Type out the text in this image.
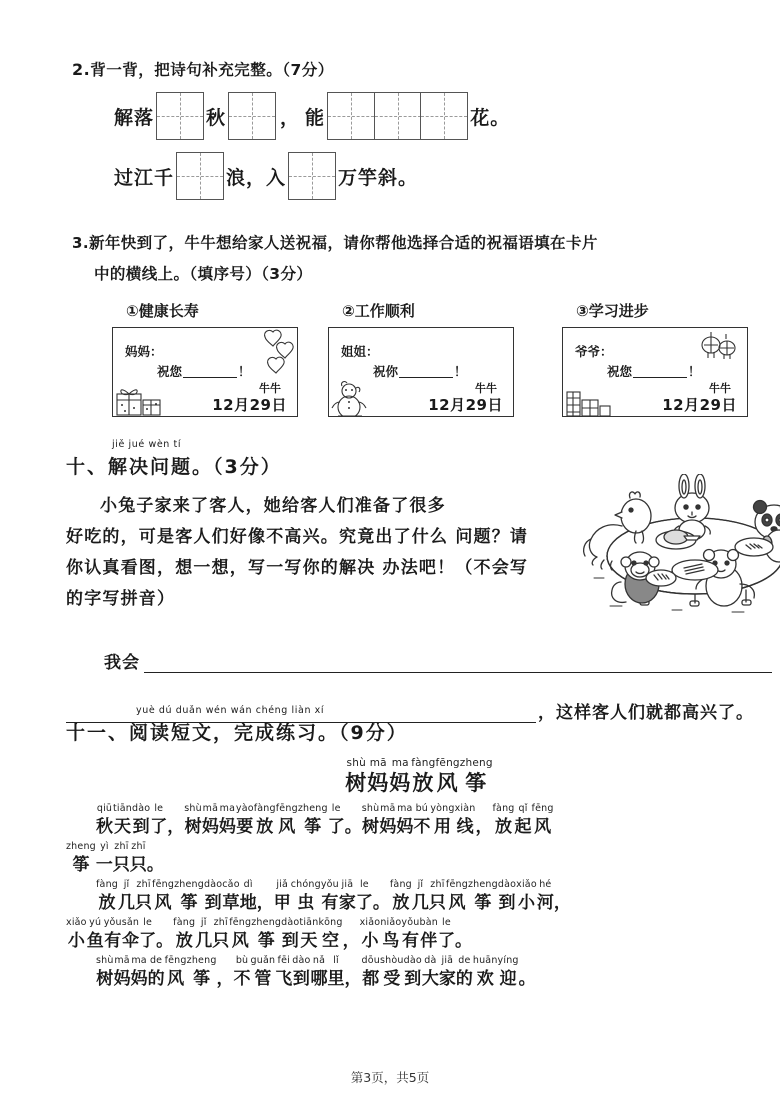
2.背一背，把诗句补充完整。（7分）
解落	秋	， 能	花。
过江千	浪，入	万竽斜。
3.新年快到了，牛牛想给家人送祝福，请你帮他选择合适的祝福语填在卡片
中的横线上。（填序号）（3分）
①健康长寿
妈妈：
祝您	！
牛牛
12月29日
②工作顺利
姐姐：
祝你	！
牛牛
12月29日
③学习进步
爷爷：
祝您	！
牛牛
12月29日
jiě jué wèn tí
十、解决问题。（3分）
小兔子家来了客人，她给客人们准备了很多
好吃的，可是客人们好像不高兴。究竟出了什么 问题？请你认真看图，想一想，写一写你的解决 办法吧！（不会写的字写拼音）
我会
，这样客人们就都高兴了。
yuè dú duǎn wén wán chéng liàn xí
十一、阅读短文，完成练习。（9分）
shù
树
mā
妈
ma
妈
fàng
放
fēng
风
zheng
筝
qiū
秋
tiān
天
dào
到
le
了
，
shù
树
mā
妈
ma
妈
yào
要
fàng
放
fēng
风
zheng
筝
le
了
。
shù
树
mā
妈
ma
妈
bú
不
yòng
用
xiàn
线
，
fàng
放
qǐ
起
fēng
风
zheng
筝
yì
一
zhī
只
zhī
只
。
fàng
放
jǐ
几
zhī
只
fēng
风
zheng
筝
dào
到
cǎo
草
dì
地
，
jiǎ
甲
chóng
虫
yǒu
有
jiā
家
le
了
。
fàng
放
jǐ
几
zhī
只
fēng
风
zheng
筝
dào
到
xiǎo
小
hé
河
，
xiǎo
小
yú
鱼
yǒu
有
sǎn
伞
le
了
。
fàng
放
jǐ
几
zhī
只
fēng
风
zheng
筝
dào
到
tiān
天
kōng
空
，
xiǎo
小
niǎo
鸟
yǒu
有
bàn
伴
le
了
。
shù
树
mā
妈
ma
妈
de
的
fēng
风
zheng
筝
，
bù
不
guǎn
管
fēi
飞
dào
到
nǎ
哪
lǐ
里
，
dōu
都
shòu
受
dào
到
dà
大
jiā
家
de
的
huān
欢
yíng
迎
。
第3页，共5页
